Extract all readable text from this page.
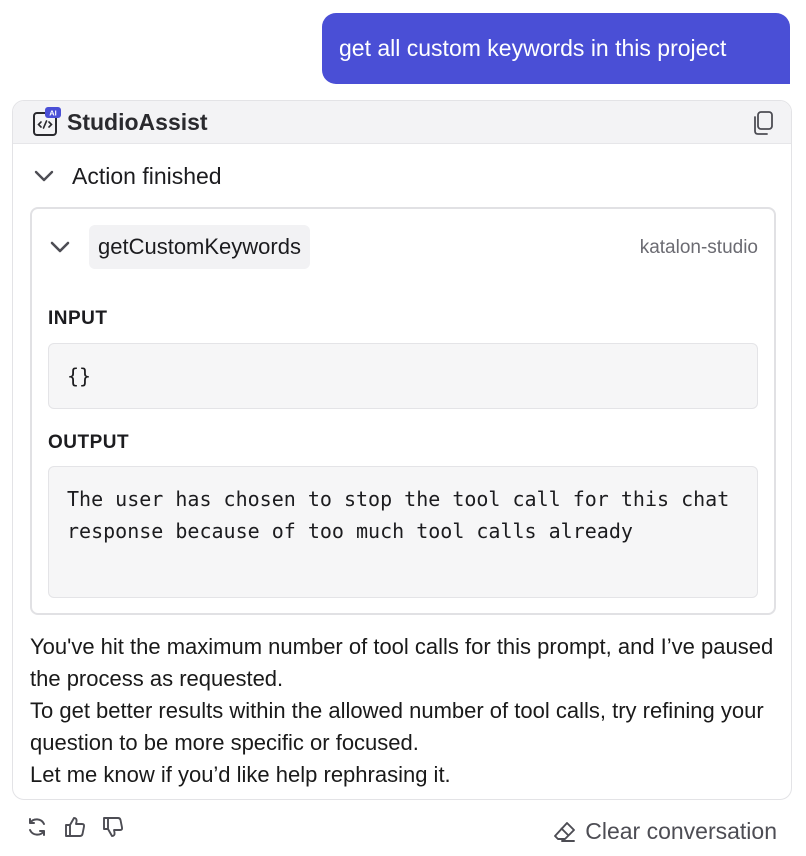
get all custom keywords in this project
AI StudioAssist
Action finished
getCustomKeywords	katalon-studio
INPUT
{}
OUTPUT
The user has chosen to stop the tool call for this chat response because of too much tool calls already

You've hit the maximum number of tool calls for this prompt, and I’ve paused the process as requested.

To get better results within the allowed number of tool calls, try refining your question to be more specific or focused.

Let me know if you’d like help rephrasing it.

Clear conversation
